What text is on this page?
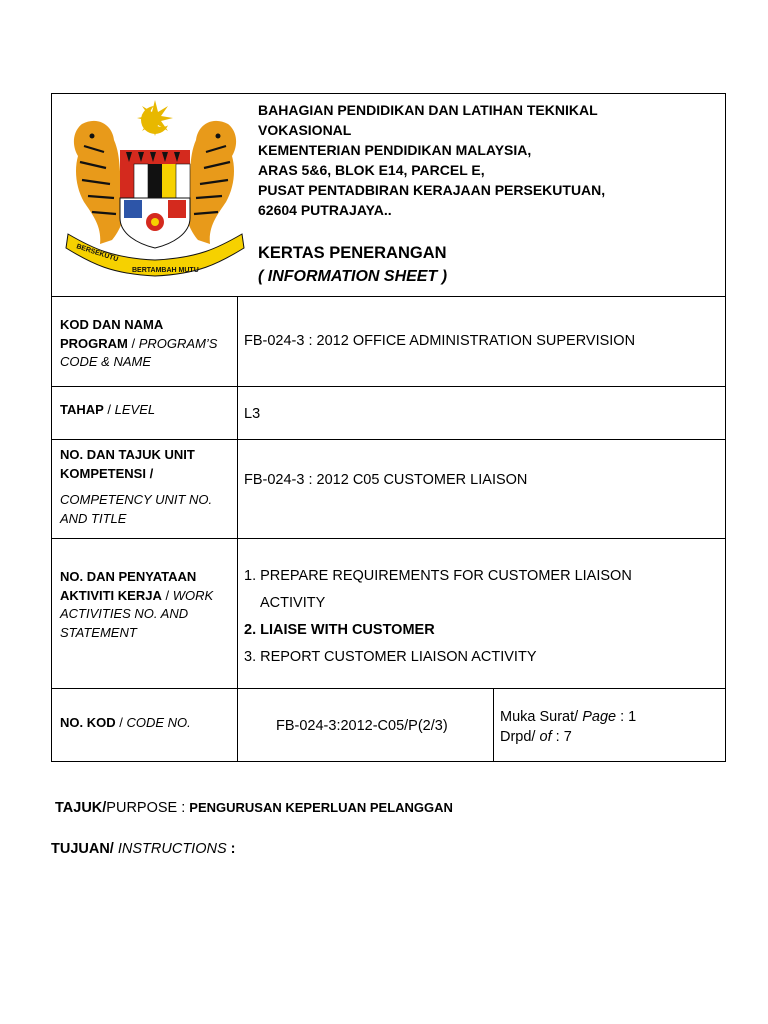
BERSEKUTU
BERTAMBAH MUTU
BAHAGIAN PENDIDIKAN DAN LATIHAN TEKNIKAL
VOKASIONAL
KEMENTERIAN PENDIDIKAN MALAYSIA,
ARAS 5&6, BLOK E14, PARCEL E,
PUSAT PENTADBIRAN KERAJAAN PERSEKUTUAN,
62604 PUTRAJAYA..
KERTAS PENERANGAN
( INFORMATION SHEET )
KOD DAN NAMA PROGRAM / PROGRAM’S CODE & NAME
FB-024-3 : 2012 OFFICE ADMINISTRATION SUPERVISION
TAHAP / LEVEL	L3
NO. DAN TAJUK UNIT
KOMPETENSI /
COMPETENCY UNIT NO.
AND TITLE
FB-024-3 : 2012 C05 CUSTOMER LIAISON
NO. DAN PENYATAAN
AKTIVITI KERJA / WORK
ACTIVITIES NO. AND
STATEMENT
1. PREPARE REQUIREMENTS FOR CUSTOMER LIAISON
ACTIVITY
2. LIAISE WITH CUSTOMER
3. REPORT CUSTOMER LIAISON ACTIVITY
NO. KOD / CODE NO.	FB-024-3:2012-C05/P(2/3)
Muka Surat/ Page : 1
Drpd/ of : 7
TAJUK/PURPOSE : PENGURUSAN KEPERLUAN PELANGGAN
TUJUAN/ INSTRUCTIONS :
